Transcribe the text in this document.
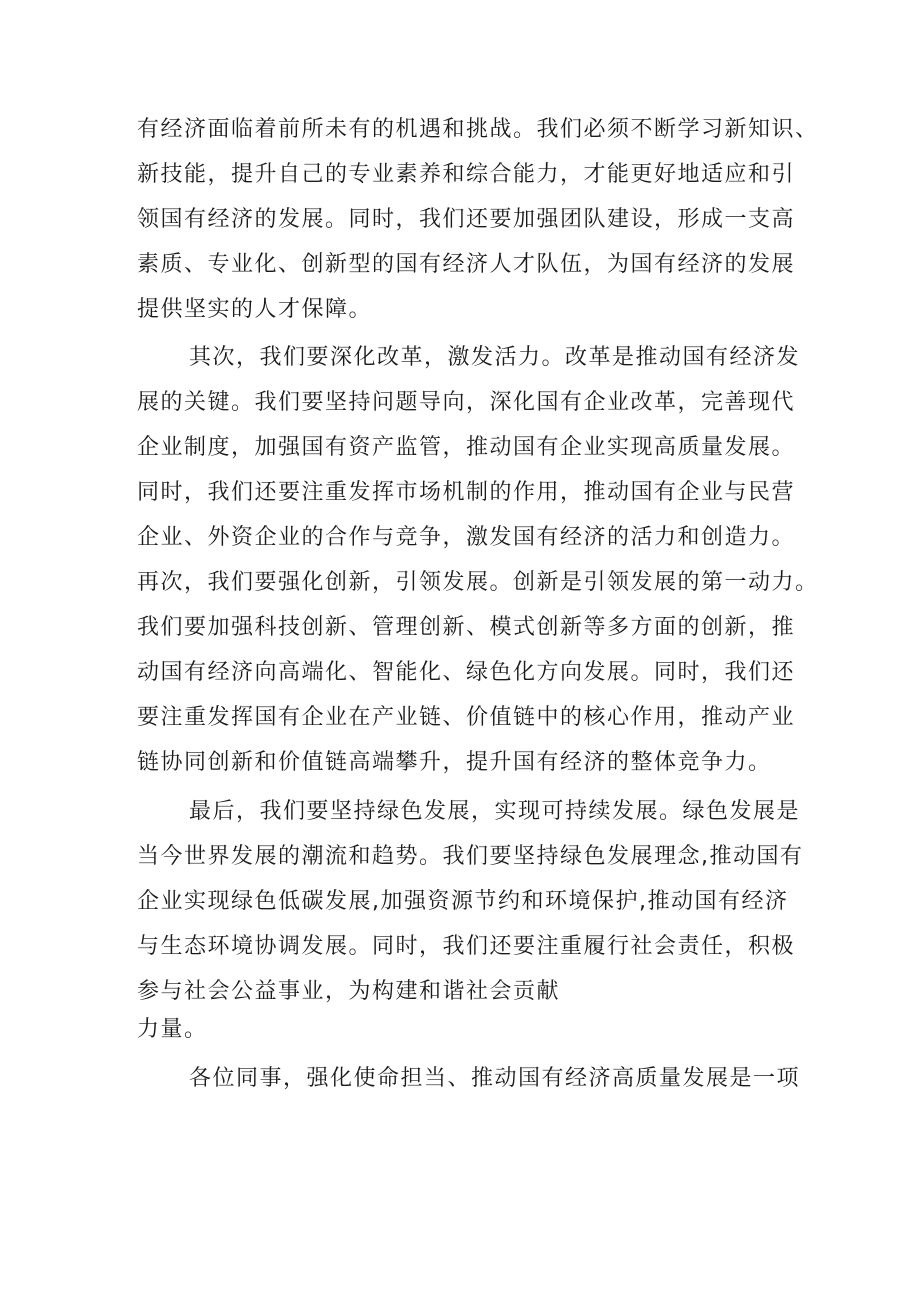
有经济面临着前所未有的机遇和挑战。我们必须不断学习新知识、
新技能，提升自己的专业素养和综合能力，才能更好地适应和引
领国有经济的发展。同时，我们还要加强团队建设，形成一支高
素质、专业化、创新型的国有经济人才队伍，为国有经济的发展
提供坚实的人才保障。
其次，我们要深化改革，激发活力。改革是推动国有经济发
展的关键。我们要坚持问题导向，深化国有企业改革，完善现代
企业制度，加强国有资产监管，推动国有企业实现高质量发展。
同时，我们还要注重发挥市场机制的作用，推动国有企业与民营
企业、外资企业的合作与竞争，激发国有经济的活力和创造力。
再次，我们要强化创新，引领发展。创新是引领发展的第一动力。
我们要加强科技创新、管理创新、模式创新等多方面的创新，推
动国有经济向高端化、智能化、绿色化方向发展。同时，我们还
要注重发挥国有企业在产业链、价值链中的核心作用，推动产业
链协同创新和价值链高端攀升，提升国有经济的整体竞争力。
最后，我们要坚持绿色发展，实现可持续发展。绿色发展是
当今世界发展的潮流和趋势。我们要坚持绿色发展理念,推动国有
企业实现绿色低碳发展,加强资源节约和环境保护,推动国有经济
与生态环境协调发展。同时，我们还要注重履行社会责任，积极
参与社会公益事业，为构建和谐社会贡献
力量。
各位同事，强化使命担当、推动国有经济高质量发展是一项
